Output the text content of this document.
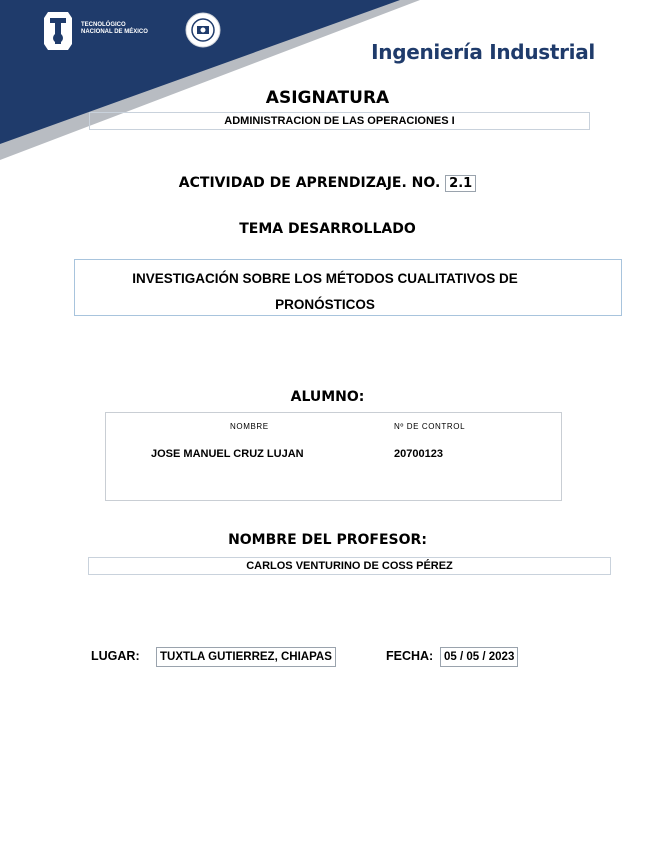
TECNOLÓGICO
NACIONAL DE MÉXICO
Ingeniería Industrial
ASIGNATURA
ADMINISTRACION DE LAS OPERACIONES I
ACTIVIDAD DE APRENDIZAJE. NO. 2.1
TEMA DESARROLLADO
INVESTIGACIÓN SOBRE LOS MÉTODOS CUALITATIVOS DE
PRONÓSTICOS
ALUMNO:
NOMBRE	Nº DE CONTROL
JOSE MANUEL CRUZ LUJAN	20700123
NOMBRE DEL PROFESOR:
CARLOS VENTURINO DE COSS PÉREZ
LUGAR:	TUXTLA GUTIERREZ, CHIAPAS	FECHA: 05 / 05 / 2023
